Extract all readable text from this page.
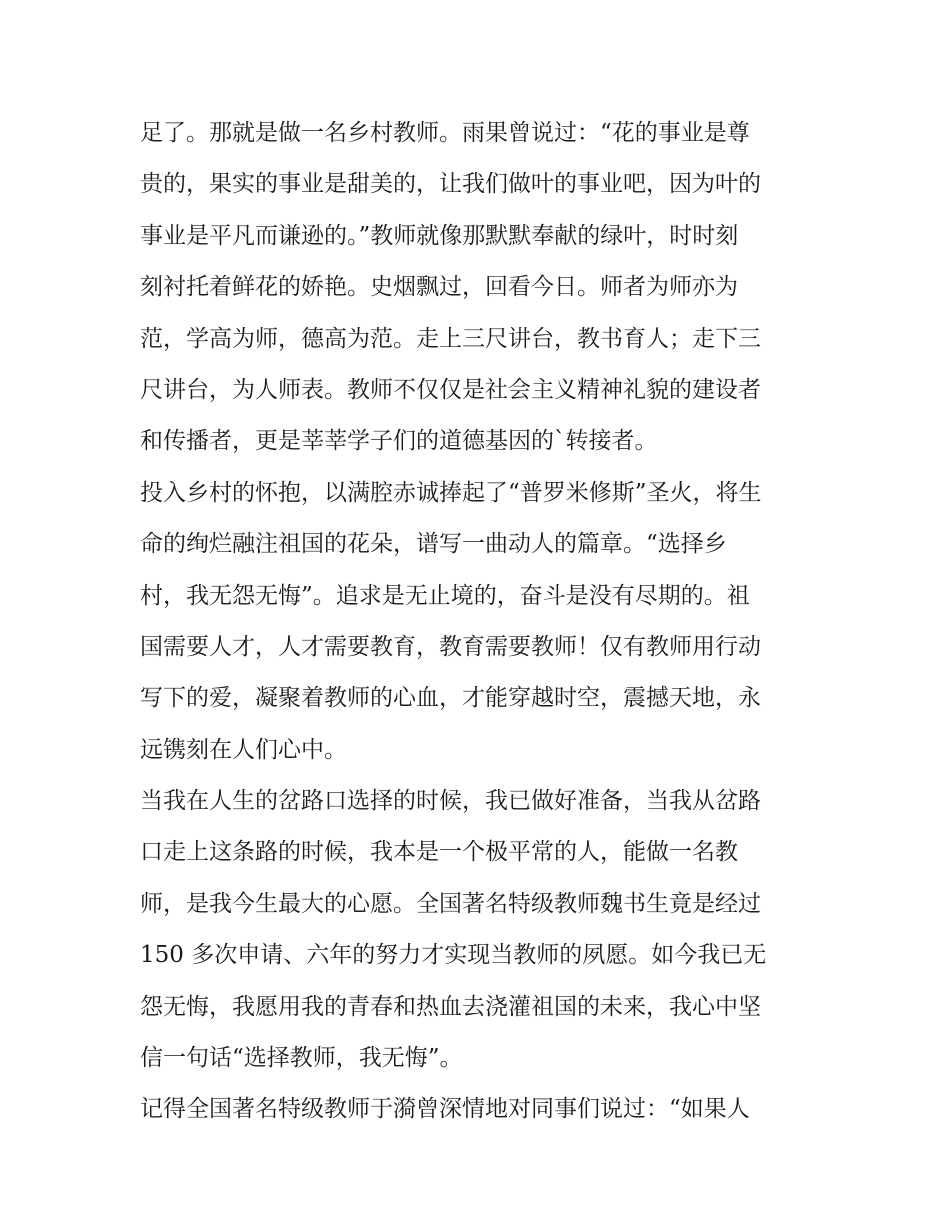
足了。那就是做一名乡村教师。雨果曾说过：“花的事业是尊
贵的，果实的事业是甜美的，让我们做叶的事业吧，因为叶的
事业是平凡而谦逊的。”教师就像那默默奉献的绿叶，时时刻
刻衬托着鲜花的娇艳。史烟飘过，回看今日。师者为师亦为
范，学高为师，德高为范。走上三尺讲台，教书育人；走下三
尺讲台，为人师表。教师不仅仅是社会主义精神礼貌的建设者
和传播者，更是莘莘学子们的道德基因的`转接者。
投入乡村的怀抱，以满腔赤诚捧起了“普罗米修斯”圣火，将生
命的绚烂融注祖国的花朵，谱写一曲动人的篇章。“选择乡
村，我无怨无悔”。追求是无止境的，奋斗是没有尽期的。祖
国需要人才，人才需要教育，教育需要教师！仅有教师用行动
写下的爱，凝聚着教师的心血，才能穿越时空，震撼天地，永
远镌刻在人们心中。
当我在人生的岔路口选择的时候，我已做好准备，当我从岔路
口走上这条路的时候，我本是一个极平常的人，能做一名教
师，是我今生最大的心愿。全国著名特级教师魏书生竟是经过
150 多次申请、六年的努力才实现当教师的夙愿。如今我已无
怨无悔，我愿用我的青春和热血去浇灌祖国的未来，我心中坚
信一句话“选择教师，我无悔”。
记得全国著名特级教师于漪曾深情地对同事们说过：“如果人
